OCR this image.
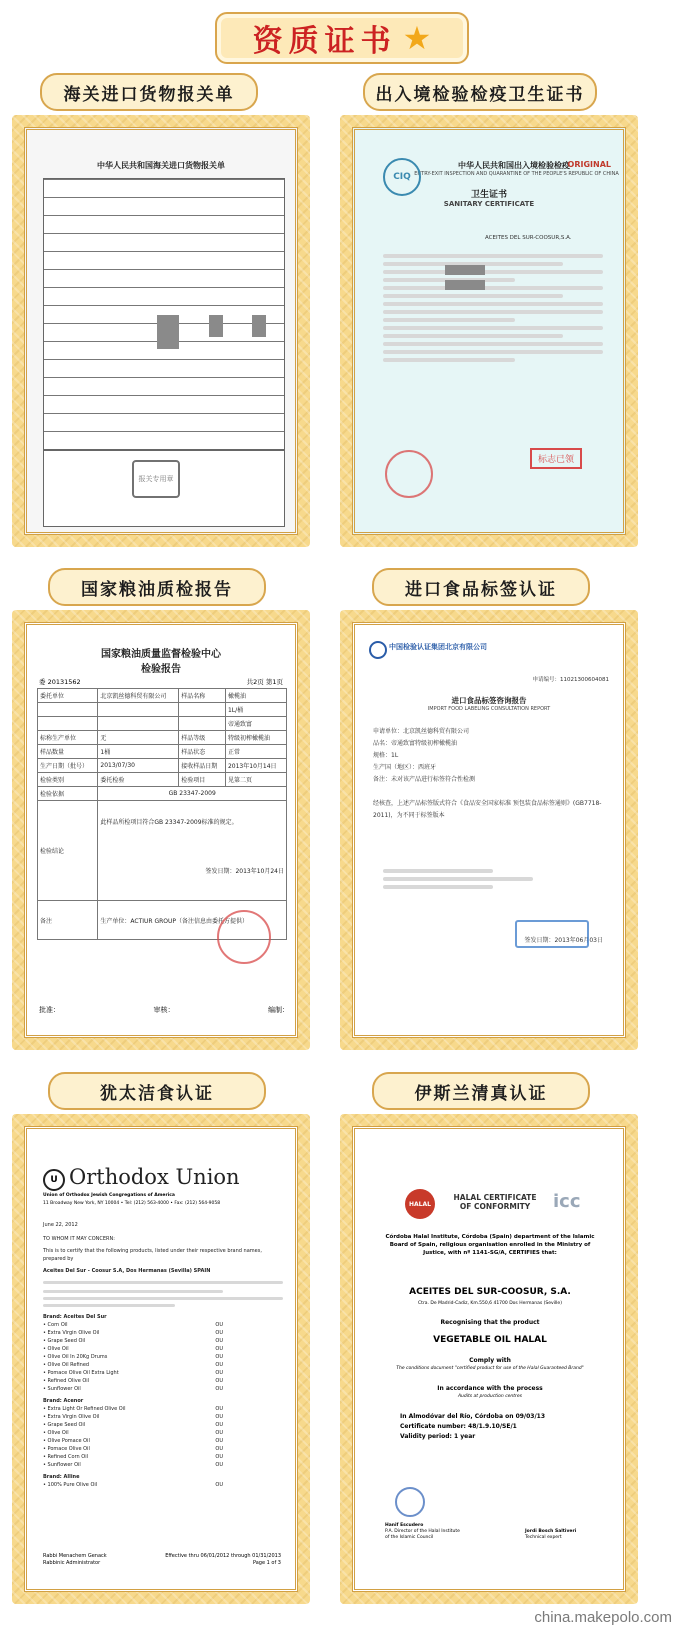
资质证书 ★
海关进口货物报关单	出入境检验检疫卫生证书
中华人民共和国海关进口货物报关单
报关专用章
CIQ
中华人民共和国出入境检验检疫
ENTRY-EXIT INSPECTION AND QUARANTINE OF THE PEOPLE'S REPUBLIC OF CHINA
ORIGINAL
卫生证书
SANITARY CERTIFICATE
ACEITES DEL SUR-COOSUR,S.A.
标志已领
国家粮油质检报告	进口食品标签认证
国家粮油质量监督检验中心
检验报告
委 20131562	共2页 第1页
委托单位	北京凯丝德科贸有限公司	样品名称	橄榄油
			1L/桶
			帝通致富
标称生产单位	无	样品等级	特级初榨橄榄油
样品数量	1桶	样品状态	正常
生产日期（批号）	2013/07/30	接收样品日期	2013年10月14日
检验类别	委托检验	检验项目	见第二页
检验依据	GB 23347-2009		
检验结论	此样品所检项目符合GB 23347-2009标准的规定。
签发日期：2013年10月24日		

备注	生产单位：ACTIUR GROUP（备注信息由委托方提供）		
批准：	审核：	编制：
中国检验认证集团北京有限公司
申请编号：11021300604081
进口食品标签咨询报告
IMPORT FOOD LABELING CONSULTATION REPORT
申请单位：北京凯丝德科贸有限公司
品名：帝通致富特级初榨橄榄油
规格：1L
生产国（地区）：西班牙
备注：未对该产品进行标签符合性检测
经核查，上述产品标签版式符合《食品安全国家标准 预包装食品标签通则》(GB7718-2011)，为不同于标签版本
签发日期：2013年06月03日
犹太洁食认证	伊斯兰清真认证
U Orthodox Union
Union of Orthodox Jewish Congregations of America
11 Broadway New York, NY 10004 • Tel: (212) 563-4000 • Fax: (212) 564-9058
June 22, 2012
TO WHOM IT MAY CONCERN:
This is to certify that the following products, listed under their respective brand names, prepared by
Aceites Del Sur - Coosur S.A, Dos Hermanas (Sevilla) SPAIN
Brand: Aceites Del Sur
• Corn Oil	OU
• Extra Virgin Olive Oil	OU
• Grape Seed Oil	OU
• Olive Oil	OU
• Olive Oil In 20Kg Drums	OU
• Olive Oil Refined	OU
• Pomace Olive Oil Extra Light	OU
• Refined Olive Oil	OU
• Sunflower Oil	OU
Brand: Acenor
• Extra Light Or Refined Olive Oil	OU
• Extra Virgin Olive Oil	OU
• Grape Seed Oil	OU
• Olive Oil	OU
• Olive Pomace Oil	OU
• Pomace Olive Oil	OU
• Refined Corn Oil	OU
• Sunflower Oil	OU
Brand: Alline
• 100% Pure Olive Oil	OU
Rabbi Menachem Genack
Rabbinic Administrator
Effective thru 06/01/2012 through 01/31/2013
Page 1 of 3
HALAL
HALAL CERTIFICATE OF CONFORMITY	icc
Córdoba Halal Institute, Córdoba (Spain) department of the Islamic Board of Spain, religious organisation enrolled in the Ministry of Justice, with nº 1141-SG/A, CERTIFIES that:
ACEITES DEL SUR-COOSUR, S.A.
Ctra. De Madrid-Cadiz, Km.550,6 41700 Dos Hermanas (Seville)
Recognising that the product
VEGETABLE OIL HALAL
Comply with
The conditions document "certified product for use of the Halal Guaranteed Brand"
In accordance with the process
Audits at production centres
In Almodóvar del Río, Córdoba on 09/03/13
Certificate number: 48/1.9.10/SE/1
Validity period: 1 year
Hanif Escudero
P.A. Director of the Halal Institute of the Islamic Council
Jordi Bosch Saltiveri
Technical expert
china.makepolo.com
